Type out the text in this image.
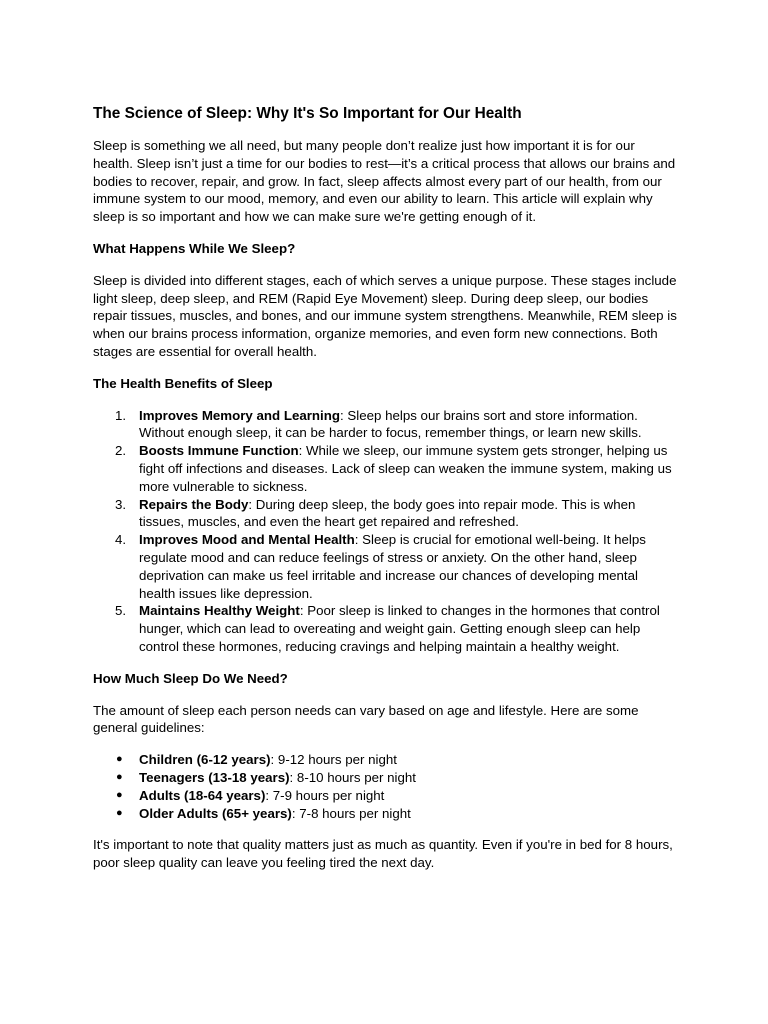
The Science of Sleep: Why It's So Important for Our Health

Sleep is something we all need, but many people don’t realize just how important it is for our health. Sleep isn’t just a time for our bodies to rest—it’s a critical process that allows our brains and bodies to recover, repair, and grow. In fact, sleep affects almost every part of our health, from our immune system to our mood, memory, and even our ability to learn. This article will explain why sleep is so important and how we can make sure we're getting enough of it.

What Happens While We Sleep?

Sleep is divided into different stages, each of which serves a unique purpose. These stages include light sleep, deep sleep, and REM (Rapid Eye Movement) sleep. During deep sleep, our bodies repair tissues, muscles, and bones, and our immune system strengthens. Meanwhile, REM sleep is when our brains process information, organize memories, and even form new connections. Both stages are essential for overall health.

The Health Benefits of Sleep
1. Improves Memory and Learning: Sleep helps our brains sort and store information. Without enough sleep, it can be harder to focus, remember things, or learn new skills.
2. Boosts Immune Function: While we sleep, our immune system gets stronger, helping us fight off infections and diseases. Lack of sleep can weaken the immune system, making us more vulnerable to sickness.
3. Repairs the Body: During deep sleep, the body goes into repair mode. This is when tissues, muscles, and even the heart get repaired and refreshed.
4. Improves Mood and Mental Health: Sleep is crucial for emotional well-being. It helps regulate mood and can reduce feelings of stress or anxiety. On the other hand, sleep deprivation can make us feel irritable and increase our chances of developing mental health issues like depression.
5. Maintains Healthy Weight: Poor sleep is linked to changes in the hormones that control hunger, which can lead to overeating and weight gain. Getting enough sleep can help control these hormones, reducing cravings and helping maintain a healthy weight.
How Much Sleep Do We Need?

The amount of sleep each person needs can vary based on age and lifestyle. Here are some general guidelines:

● Children (6-12 years): 9-12 hours per night
● Teenagers (13-18 years): 8-10 hours per night
● Adults (18-64 years): 7-9 hours per night
● Older Adults (65+ years): 7-8 hours per night

It's important to note that quality matters just as much as quantity. Even if you're in bed for 8 hours, poor sleep quality can leave you feeling tired the next day.
